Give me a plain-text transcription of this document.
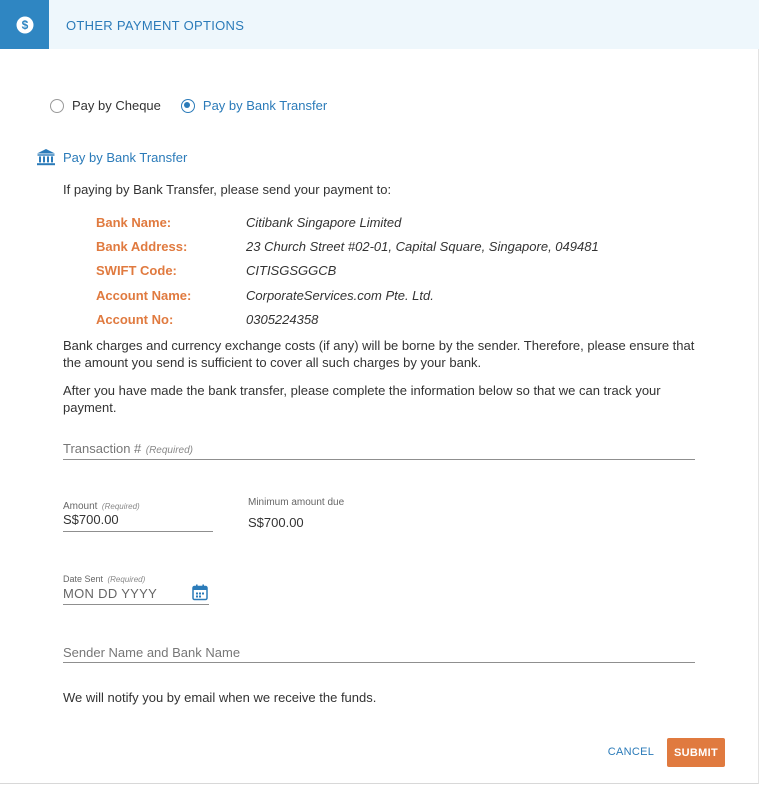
$	OTHER PAYMENT OPTIONS
Pay by Cheque	Pay by Bank Transfer
Pay by Bank Transfer
If paying by Bank Transfer, please send your payment to:
Bank Name:	Citibank Singapore Limited
Bank Address:	23 Church Street #02-01, Capital Square, Singapore, 049481
SWIFT Code:	CITISGSGGCB
Account Name:	CorporateServices.com Pte. Ltd.
Account No:	0305224358
Bank charges and currency exchange costs (if any) will be borne by the sender. Therefore, please ensure that the amount you send is sufficient to cover all such charges by your bank.
After you have made the bank transfer, please complete the information below so that we can track your payment.
Transaction # (Required)
Amount (Required)
S$700.00
Minimum amount due
S$700.00
Date Sent (Required)
MON DD YYYY
Sender Name and Bank Name
We will notify you by email when we receive the funds.
CANCEL	SUBMIT
